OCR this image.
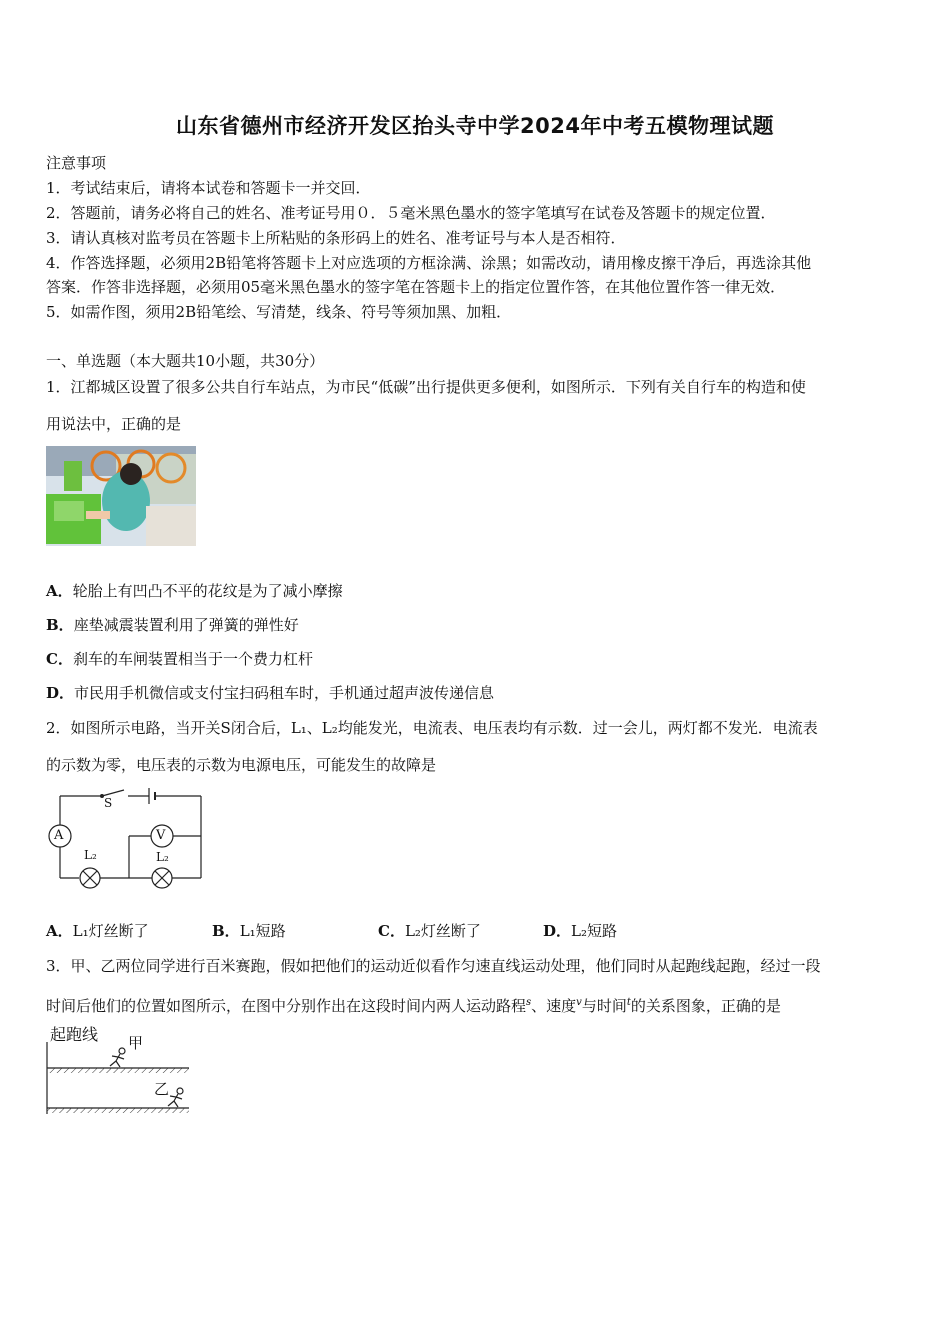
山东省德州市经济开发区抬头寺中学2024年中考五模物理试题
注意事项
1．考试结束后，请将本试卷和答题卡一并交回．
2．答题前，请务必将自己的姓名、准考证号用０．５毫米黑色墨水的签字笔填写在试卷及答题卡的规定位置．
3．请认真核对监考员在答题卡上所粘贴的条形码上的姓名、准考证号与本人是否相符．
4．作答选择题，必须用2B铅笔将答题卡上对应选项的方框涂满、涂黑；如需改动，请用橡皮擦干净后，再选涂其他
答案．作答非选择题，必须用05毫米黑色墨水的签字笔在答题卡上的指定位置作答，在其他位置作答一律无效．
5．如需作图，须用2B铅笔绘、写清楚，线条、符号等须加黑、加粗．
一、单选题（本大题共10小题，共30分）
1．江都城区设置了很多公共自行车站点，为市民“低碳”出行提供更多便利，如图所示．下列有关自行车的构造和使
用说法中，正确的是
A．轮胎上有凹凸不平的花纹是为了减小摩擦
B．座垫减震装置利用了弹簧的弹性好
C．刹车的车闸装置相当于一个费力杠杆
D．市民用手机微信或支付宝扫码租车时，手机通过超声波传递信息
2．如图所示电路，当开关S闭合后，L₁、L₂均能发光，电流表、电压表均有示数．过一会儿，两灯都不发光．电流表
的示数为零，电压表的示数为电源电压，可能发生的故障是
S
A	V
L₂	L₂
A．L₁灯丝断了	B．L₁短路	C．L₂灯丝断了	D．L₂短路
3．甲、乙两位同学进行百米赛跑，假如把他们的运动近似看作匀速直线运动处理，他们同时从起跑线起跑，经过一段
时间后他们的位置如图所示，在图中分别作出在这段时间内两人运动路程$^s$、速度$^v$与时间$^t$的关系图象，正确的是
起跑线 甲
乙
